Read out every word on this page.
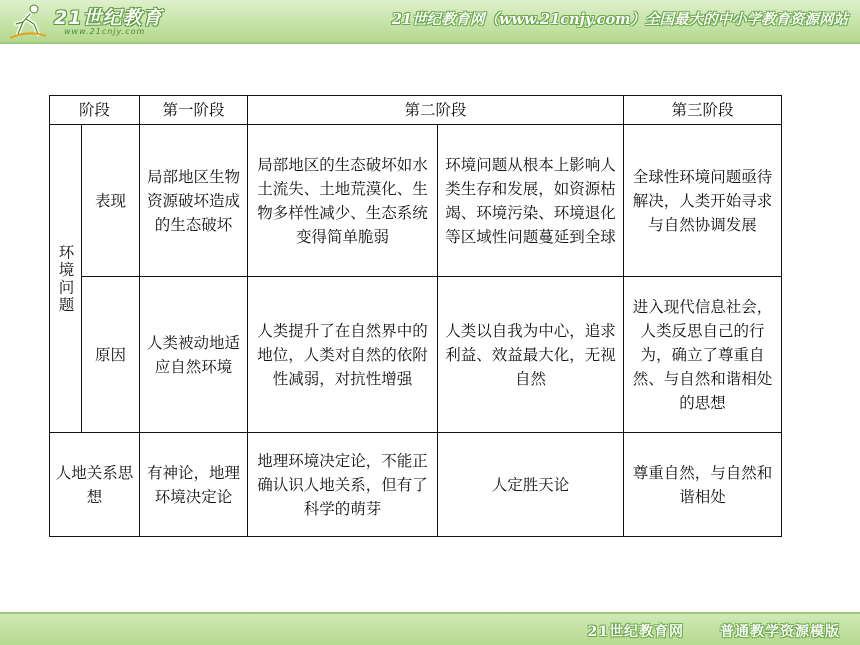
21世纪教育
www.21cnjy.com
21世纪教育网（www.21cnjy.com）全国最大的中小学教育资源网站
阶段		第一阶段	第二阶段		第三阶段
环境问题	表现	局部地区生物资源破坏造成的生态破坏	局部地区的生态破坏如水土流失、土地荒漠化、生物多样性减少、生态系统变得简单脆弱	环境问题从根本上影响人类生存和发展，如资源枯竭、环境污染、环境退化等区域性问题蔓延到全球	全球性环境问题亟待解决，人类开始寻求与自然协调发展
	原因	人类被动地适应自然环境	人类提升了在自然界中的地位，人类对自然的依附性减弱，对抗性增强	人类以自我为中心，追求利益、效益最大化，无视自然	进入现代信息社会，人类反思自己的行为，确立了尊重自然、与自然和谐相处的思想
人地关系思想		有神论，地理环境决定论	地理环境决定论，不能正确认识人地关系，但有了科学的萌芽	人定胜天论	尊重自然，与自然和谐相处
21世纪教育网	普通教学资源模版
